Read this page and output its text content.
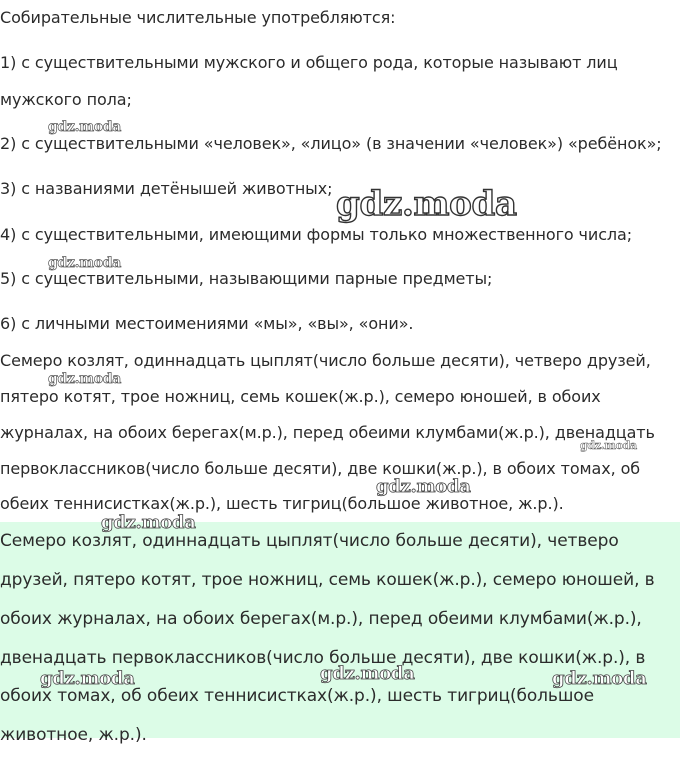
Собирательные числительные употребляются:
1) с существительными мужского и общего рода, которые называют лиц
мужского пола;
2) с существительными «человек», «лицо» (в значении «человек») «ребёнок»;
3) с названиями детёнышей животных;
4) с существительными, имеющими формы только множественного числа;
5) с существительными, называющими парные предметы;
6) с личными местоимениями «мы», «вы», «они».
Семеро козлят, одиннадцать цыплят(число больше десяти), четверо друзей,
пятеро котят, трое ножниц, семь кошек(ж.р.), семеро юношей, в обоих
журналах, на обоих берегах(м.р.), перед обеими клумбами(ж.р.), двенадцать
первоклассников(число больше десяти), две кошки(ж.р.), в обоих томах, об
обеих теннисистках(ж.р.), шесть тигриц(большое животное, ж.р.).
Семеро козлят, одиннадцать цыплят(число больше десяти), четверо
друзей, пятеро котят, трое ножниц, семь кошек(ж.р.), семеро юношей, в
обоих журналах, на обоих берегах(м.р.), перед обеими клумбами(ж.р.),
двенадцать первоклассников(число больше десяти), две кошки(ж.р.), в
обоих томах, об обеих теннисистках(ж.р.), шесть тигриц(большое
животное, ж.р.).
gdz.moda
gdz.moda
gdz.moda
gdz.moda
gdz.moda
gdz.moda
gdz.moda
gdz.moda	gdz.moda	gdz.moda
